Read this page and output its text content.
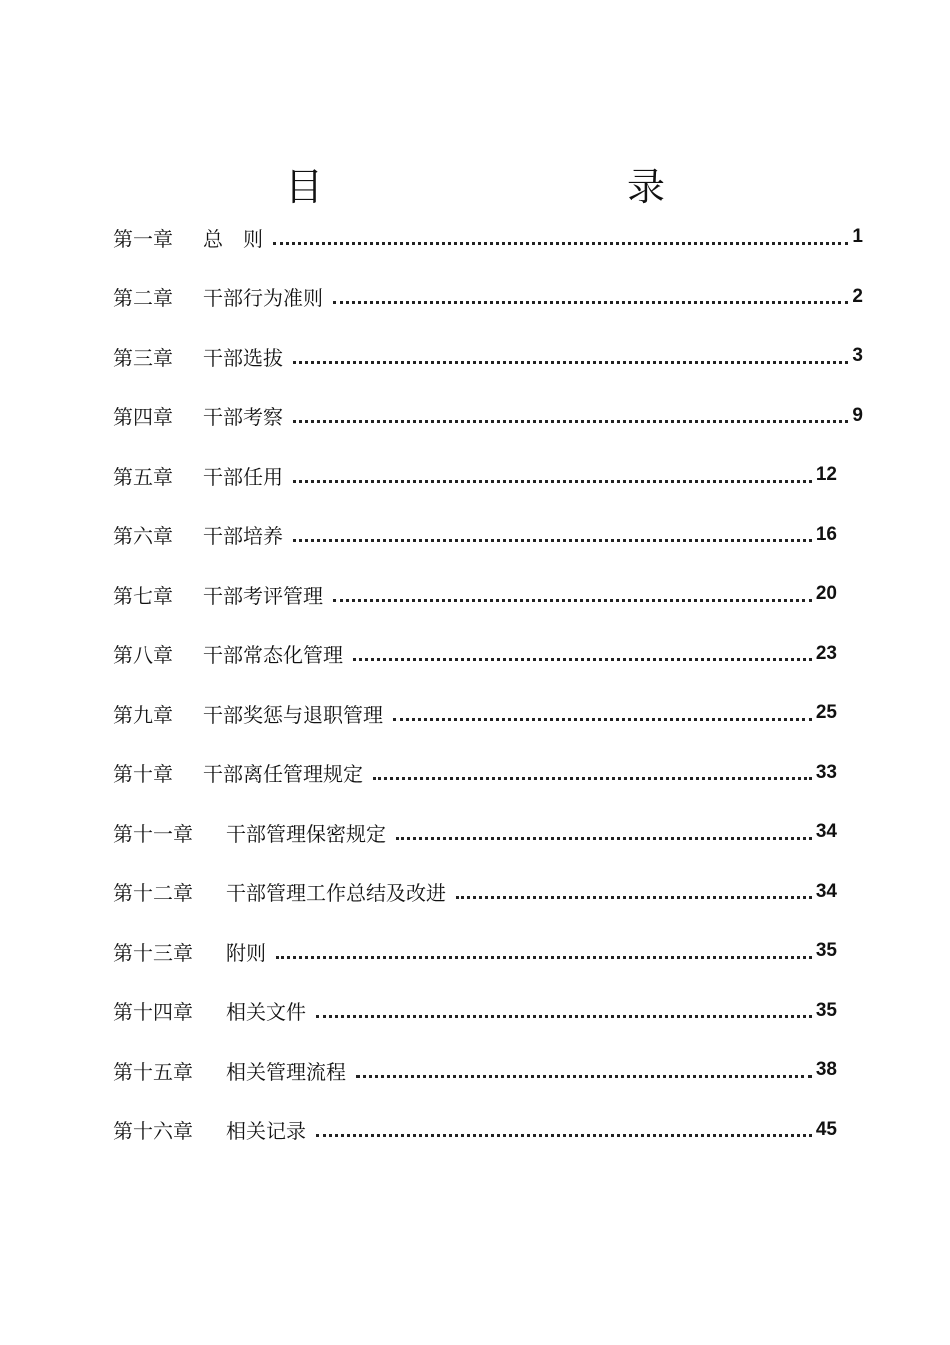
目　　录
第一章	总　则	1
第二章	干部行为准则	2
第三章	干部选拔	3
第四章	干部考察	9
第五章	干部任用	12
第六章	干部培养	16
第七章	干部考评管理	20
第八章	干部常态化管理	23
第九章	干部奖惩与退职管理	25
第十章	干部离任管理规定	33
第十一章	干部管理保密规定	34
第十二章	干部管理工作总结及改进	34
第十三章	附则	35
第十四章	相关文件	35
第十五章	相关管理流程	38
第十六章	相关记录	45
